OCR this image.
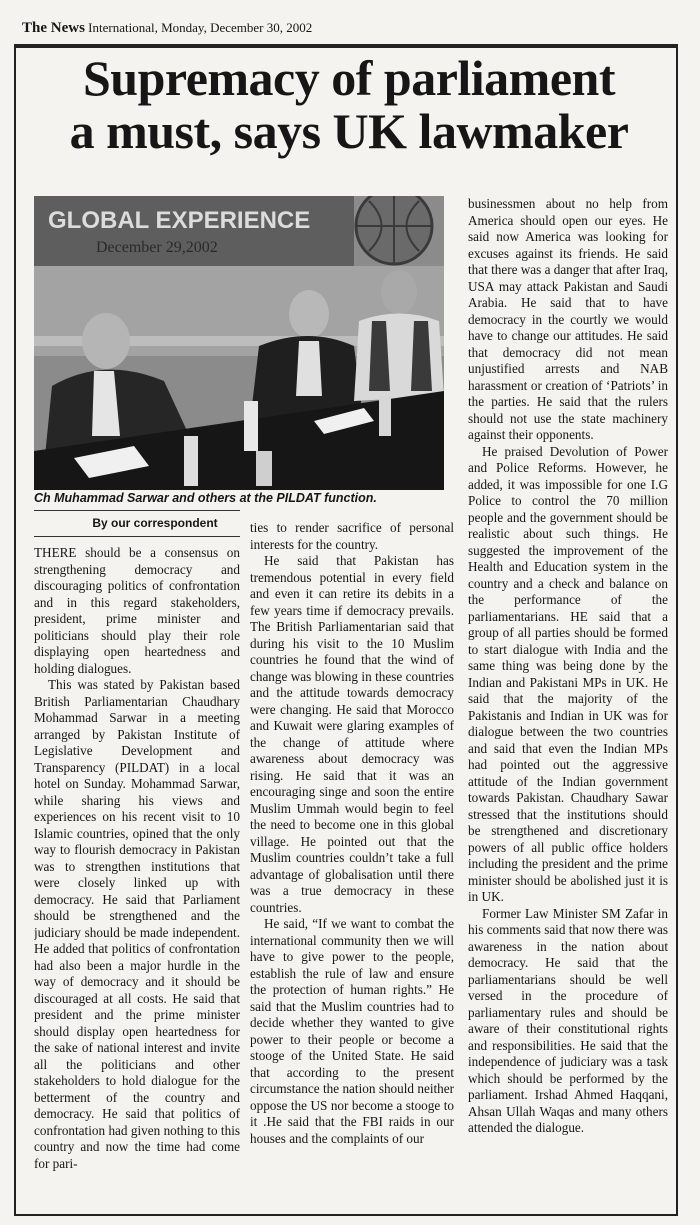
The News International, Monday, December 30, 2002
Supremacy of parliament
a must, says UK lawmaker
GLOBAL EXPERIENCE
December 29,2002
Ch Muhammad Sarwar and others at the PILDAT function.
By our correspondent

THERE should be a consensus on strengthening democracy and discouraging politics of confrontation and in this regard stakeholders, president, prime minister and politicians should play their role displaying open heartedness and holding dialogues.

This was stated by Pakistan based British Parliamentarian Chaudhary Mohammad Sarwar in a meeting arranged by Pakistan Institute of Legislative Development and Transparency (PILDAT) in a local hotel on Sunday. Mohammad Sarwar, while sharing his views and experiences on his recent visit to 10 Islamic countries, opined that the only way to flourish democracy in Pakistan was to strengthen institutions that were closely linked up with democracy. He said that Parliament should be strengthened and the judiciary should be made independent. He added that politics of confrontation had also been a major hurdle in the way of democracy and it should be discouraged at all costs. He said that president and the prime minister should display open heartedness for the sake of national interest and invite all the politicians and other stakeholders to hold dialogue for the betterment of the country and democracy. He said that politics of confrontation had given nothing to this country and now the time had come for pari-

ties to render sacrifice of personal interests for the country.

He said that Pakistan has tremendous potential in every field and even it can retire its debits in a few years time if democracy prevails. The British Parliamentarian said that during his visit to the 10 Muslim countries he found that the wind of change was blowing in these countries and the attitude towards democracy were changing. He said that Morocco and Kuwait were glaring examples of the change of attitude where awareness about democracy was rising. He said that it was an encouraging singe and soon the entire Muslim Ummah would begin to feel the need to become one in this global village. He pointed out that the Muslim countries couldn’t take a full advantage of globalisation until there was a true democracy in these countries.

He said, “If we want to combat the international community then we will have to give power to the people, establish the rule of law and ensure the protection of human rights.” He said that the Muslim countries had to decide whether they wanted to give power to their people or become a stooge of the United State. He said that according to the present circumstance the nation should neither oppose the US nor become a stooge to it .He said that the FBI raids in our houses and the complaints of our

businessmen about no help from America should open our eyes. He said now America was looking for excuses against its friends. He said that there was a danger that after Iraq, USA may attack Pakistan and Saudi Arabia. He said that to have democracy in the courtly we would have to change our attitudes. He said that democracy did not mean unjustified arrests and NAB harassment or creation of ‘Patriots’ in the parties. He said that the rulers should not use the state machinery against their opponents.

He praised Devolution of Power and Police Reforms. However, he added, it was impossible for one I.G Police to control the 70 million people and the government should be realistic about such things. He suggested the improvement of the Health and Education system in the country and a check and balance on the performance of the parliamentarians. HE said that a group of all parties should be formed to start dialogue with India and the same thing was being done by the Indian and Pakistani MPs in UK. He said that the majority of the Pakistanis and Indian in UK was for dialogue between the two countries and said that even the Indian MPs had pointed out the aggressive attitude of the Indian government towards Pakistan. Chaudhary Sawar stressed that the institutions should be strengthened and discretionary powers of all public office holders including the president and the prime minister should be abolished just it is in UK.

Former Law Minister SM Zafar in his comments said that now there was awareness in the nation about democracy. He said that the parliamentarians should be well versed in the procedure of parliamentary rules and should be aware of their constitutional rights and responsibilities. He said that the independence of judiciary was a task which should be performed by the parliament. Irshad Ahmed Haqqani, Ahsan Ullah Waqas and many others attended the dialogue.
